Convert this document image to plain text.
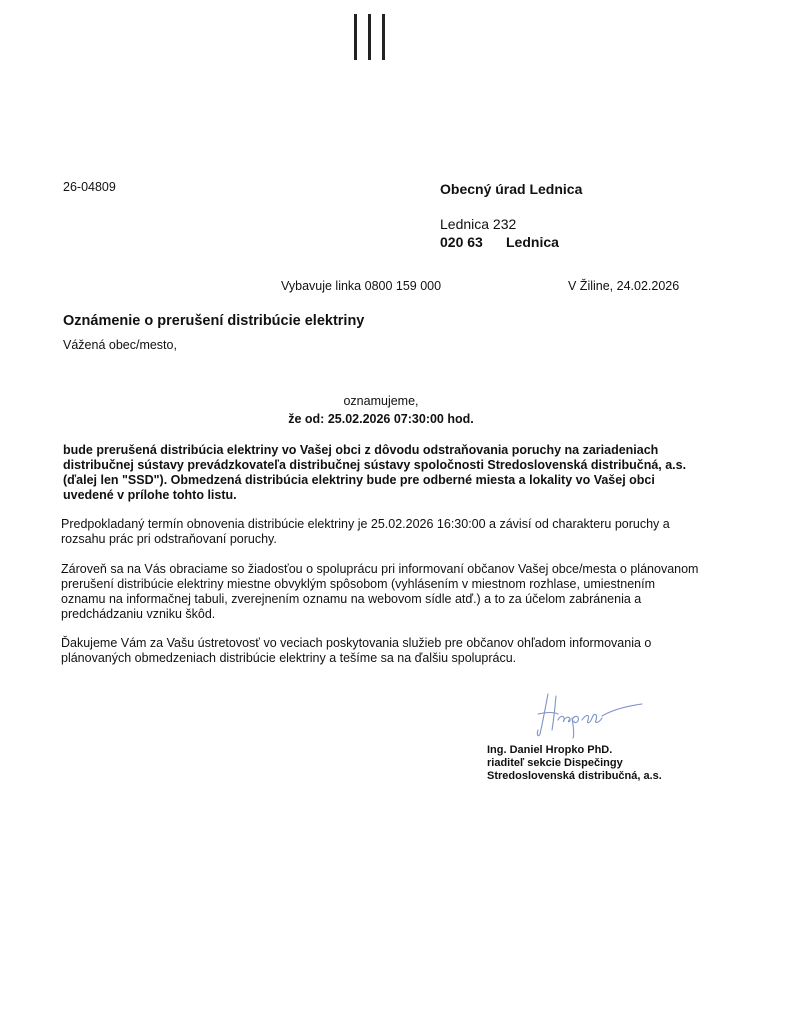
26-04809	Obecný úrad Lednica
Lednica 232
020 63 Lednica
Vybavuje linka 0800 159 000	V Žiline, 24.02.2026
Oznámenie o prerušení distribúcie elektriny
Vážená obec/mesto,
oznamujeme,
že od: 25.02.2026 07:30:00 hod.
bude prerušená distribúcia elektriny vo Vašej obci z dôvodu odstraňovania poruchy na zariadeniach distribučnej sústavy prevádzkovateľa distribučnej sústavy spoločnosti Stredoslovenská distribučná, a.s. (ďalej len "SSD"). Obmedzená distribúcia elektriny bude pre odberné miesta a lokality vo Vašej obci uvedené v prílohe tohto listu.
Predpokladaný termín obnovenia distribúcie elektriny je 25.02.2026 16:30:00 a závisí od charakteru poruchy a rozsahu prác pri odstraňovaní poruchy.
Zároveň sa na Vás obraciame so žiadosťou o spoluprácu pri informovaní občanov Vašej obce/mesta o plánovanom prerušení distribúcie elektriny miestne obvyklým spôsobom (vyhlásením v miestnom rozhlase, umiestnením oznamu na informačnej tabuli, zverejnením oznamu na webovom sídle atď.) a to za účelom zabránenia a predchádzaniu vzniku škôd.
Ďakujeme Vám za Vašu ústretovosť vo veciach poskytovania služieb pre občanov ohľadom informovania o plánovaných obmedzeniach distribúcie elektriny a tešíme sa na ďalšiu spoluprácu.
Ing. Daniel Hropko PhD.
riaditeľ sekcie Dispečingy
Stredoslovenská distribučná, a.s.
